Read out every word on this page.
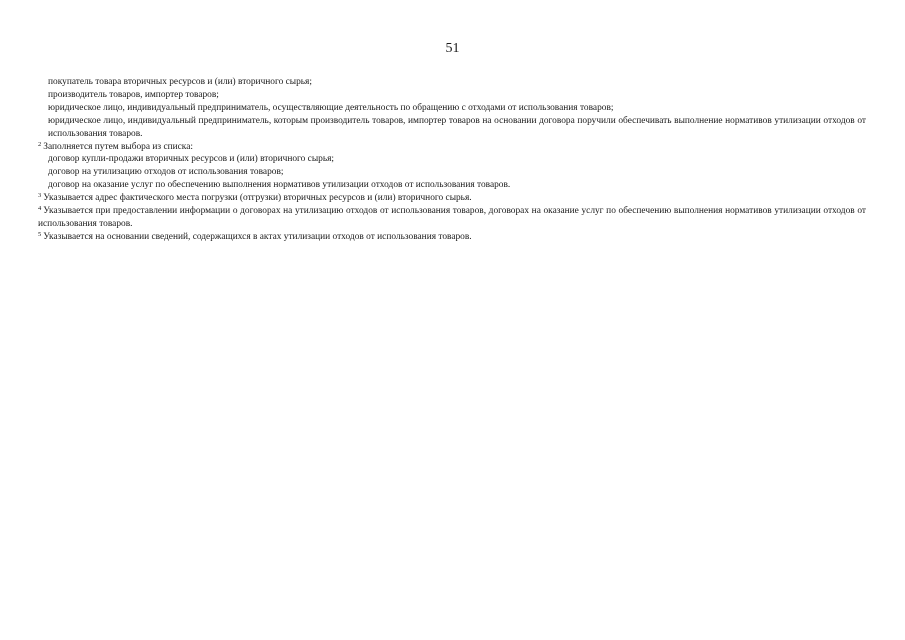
51

покупатель товара вторичных ресурсов и (или) вторичного сырья;

производитель товаров, импортер товаров;

юридическое лицо, индивидуальный предприниматель, осуществляющие деятельность по обращению с отходами от использования товаров;

юридическое лицо, индивидуальный предприниматель, которым производитель товаров, импортер товаров на основании договора поручили обеспечивать выполнение нормативов утилизации отходов от использования товаров.

$^2$ Заполняется путем выбора из списка:

договор купли-продажи вторичных ресурсов и (или) вторичного сырья;

договор на утилизацию отходов от использования товаров;

договор на оказание услуг по обеспечению выполнения нормативов утилизации отходов от использования товаров.

$^3$ Указывается адрес фактического места погрузки (отгрузки) вторичных ресурсов и (или) вторичного сырья.

$^4$ Указывается при предоставлении информации о договорах на утилизацию отходов от использования товаров, договорах на оказание услуг по обеспечению выполнения нормативов утилизации отходов от использования товаров.

$^5$ Указывается на основании сведений, содержащихся в актах утилизации отходов от использования товаров.
